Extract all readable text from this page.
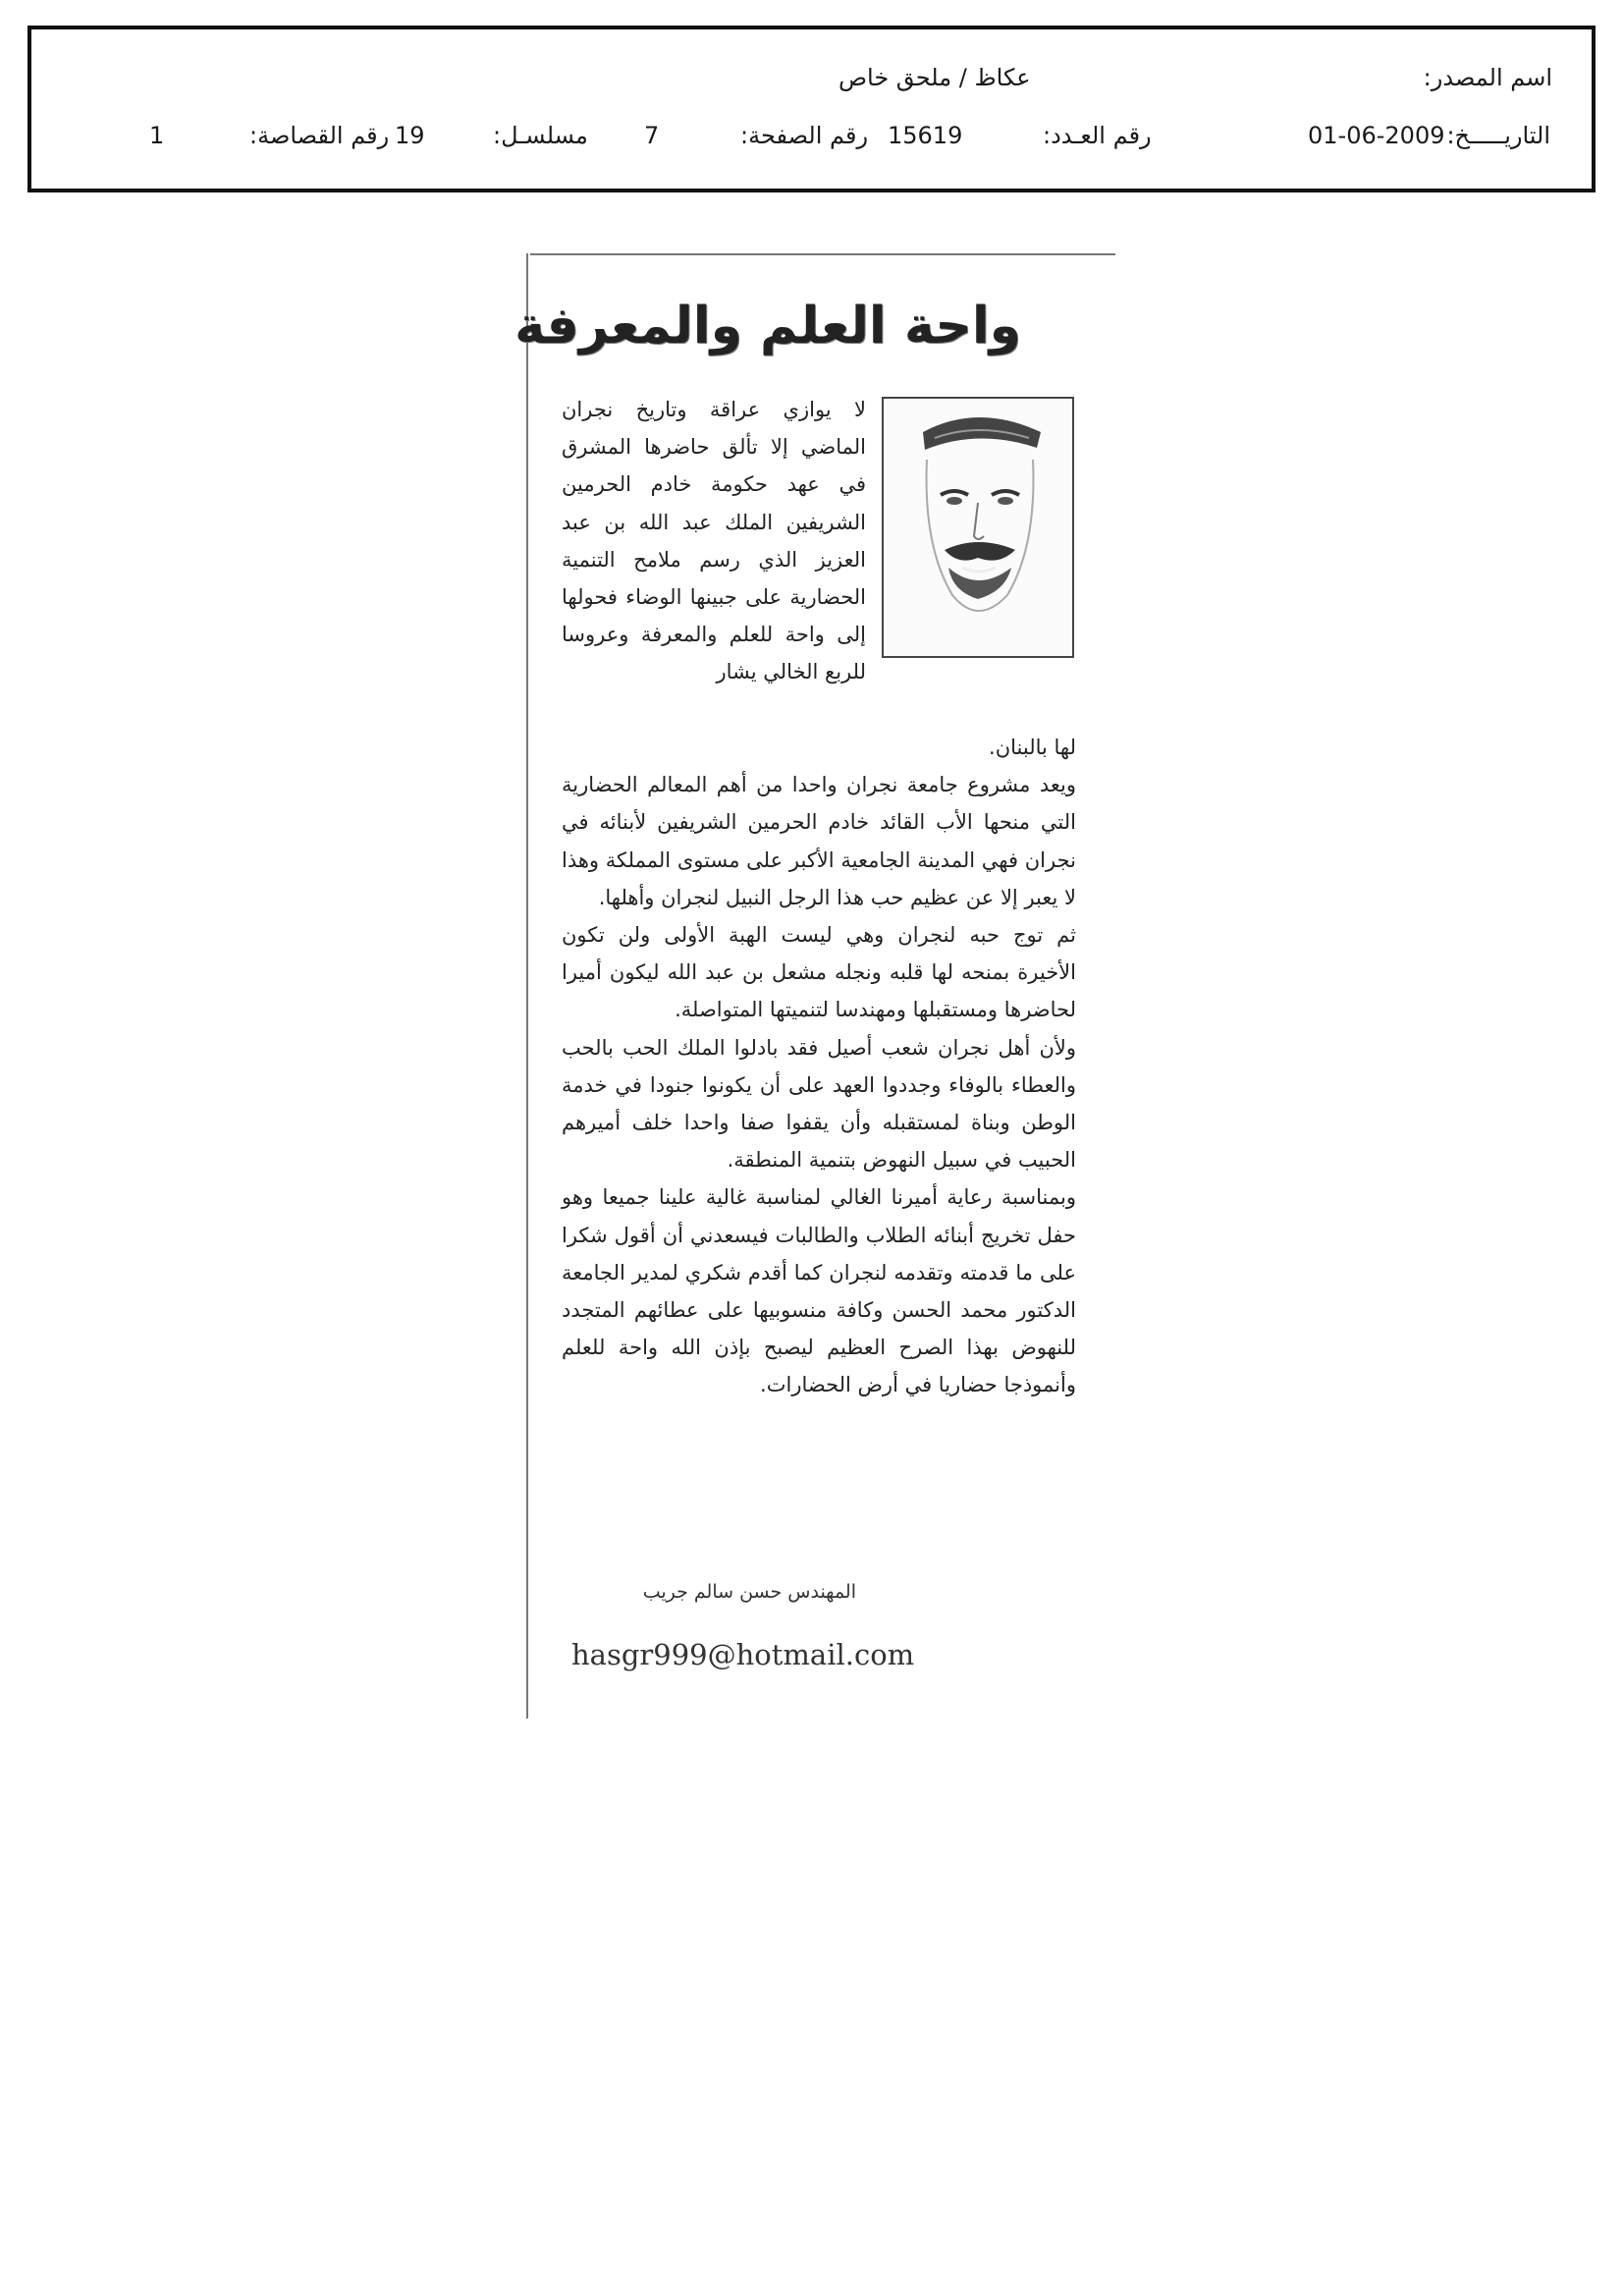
اسم المصدر:
عكاظ / ملحق خاص
التاريـــــخ:
01-06-2009
رقم العـدد:
15619
رقم الصفحة:
7
مسلسـل:
19
رقم القصاصة:
1
واحة العلم والمعرفة
لا يوازي عراقة وتاريخ نجران الماضي إلا تألق حاضرها المشرق في عهد حكومة خادم الحرمين الشريفين الملك عبد الله بن عبد العزيز الذي رسم ملامح التنمية الحضارية على جبينها الوضاء فحولها إلى واحة للعلم والمعرفة وعروسا للربع الخالي يشار

لها بالبنان.

ويعد مشروع جامعة نجران واحدا من أهم المعالم الحضارية التي منحها الأب القائد خادم الحرمين الشريفين لأبنائه في نجران فهي المدينة الجامعية الأكبر على مستوى المملكة وهذا لا يعبر إلا عن عظيم حب هذا الرجل النبيل لنجران وأهلها.

ثم توج حبه لنجران وهي ليست الهبة الأولى ولن تكون الأخيرة بمنحه لها قلبه ونجله مشعل بن عبد الله ليكون أميرا لحاضرها ومستقبلها ومهندسا لتنميتها المتواصلة.

ولأن أهل نجران شعب أصيل فقد بادلوا الملك الحب بالحب والعطاء بالوفاء وجددوا العهد على أن يكونوا جنودا في خدمة الوطن وبناة لمستقبله وأن يقفوا صفا واحدا خلف أميرهم الحبيب في سبيل النهوض بتنمية المنطقة.

وبمناسبة رعاية أميرنا الغالي لمناسبة غالية علينا جميعا وهو حفل تخريج أبنائه الطلاب والطالبات فيسعدني أن أقول شكرا على ما قدمته وتقدمه لنجران كما أقدم شكري لمدير الجامعة الدكتور محمد الحسن وكافة منسوبيها على عطائهم المتجدد للنهوض بهذا الصرح العظيم ليصبح بإذن الله واحة للعلم وأنموذجا حضاريا في أرض الحضارات.

المهندس حسن سالم جريب
hasgr999@hotmail.com
